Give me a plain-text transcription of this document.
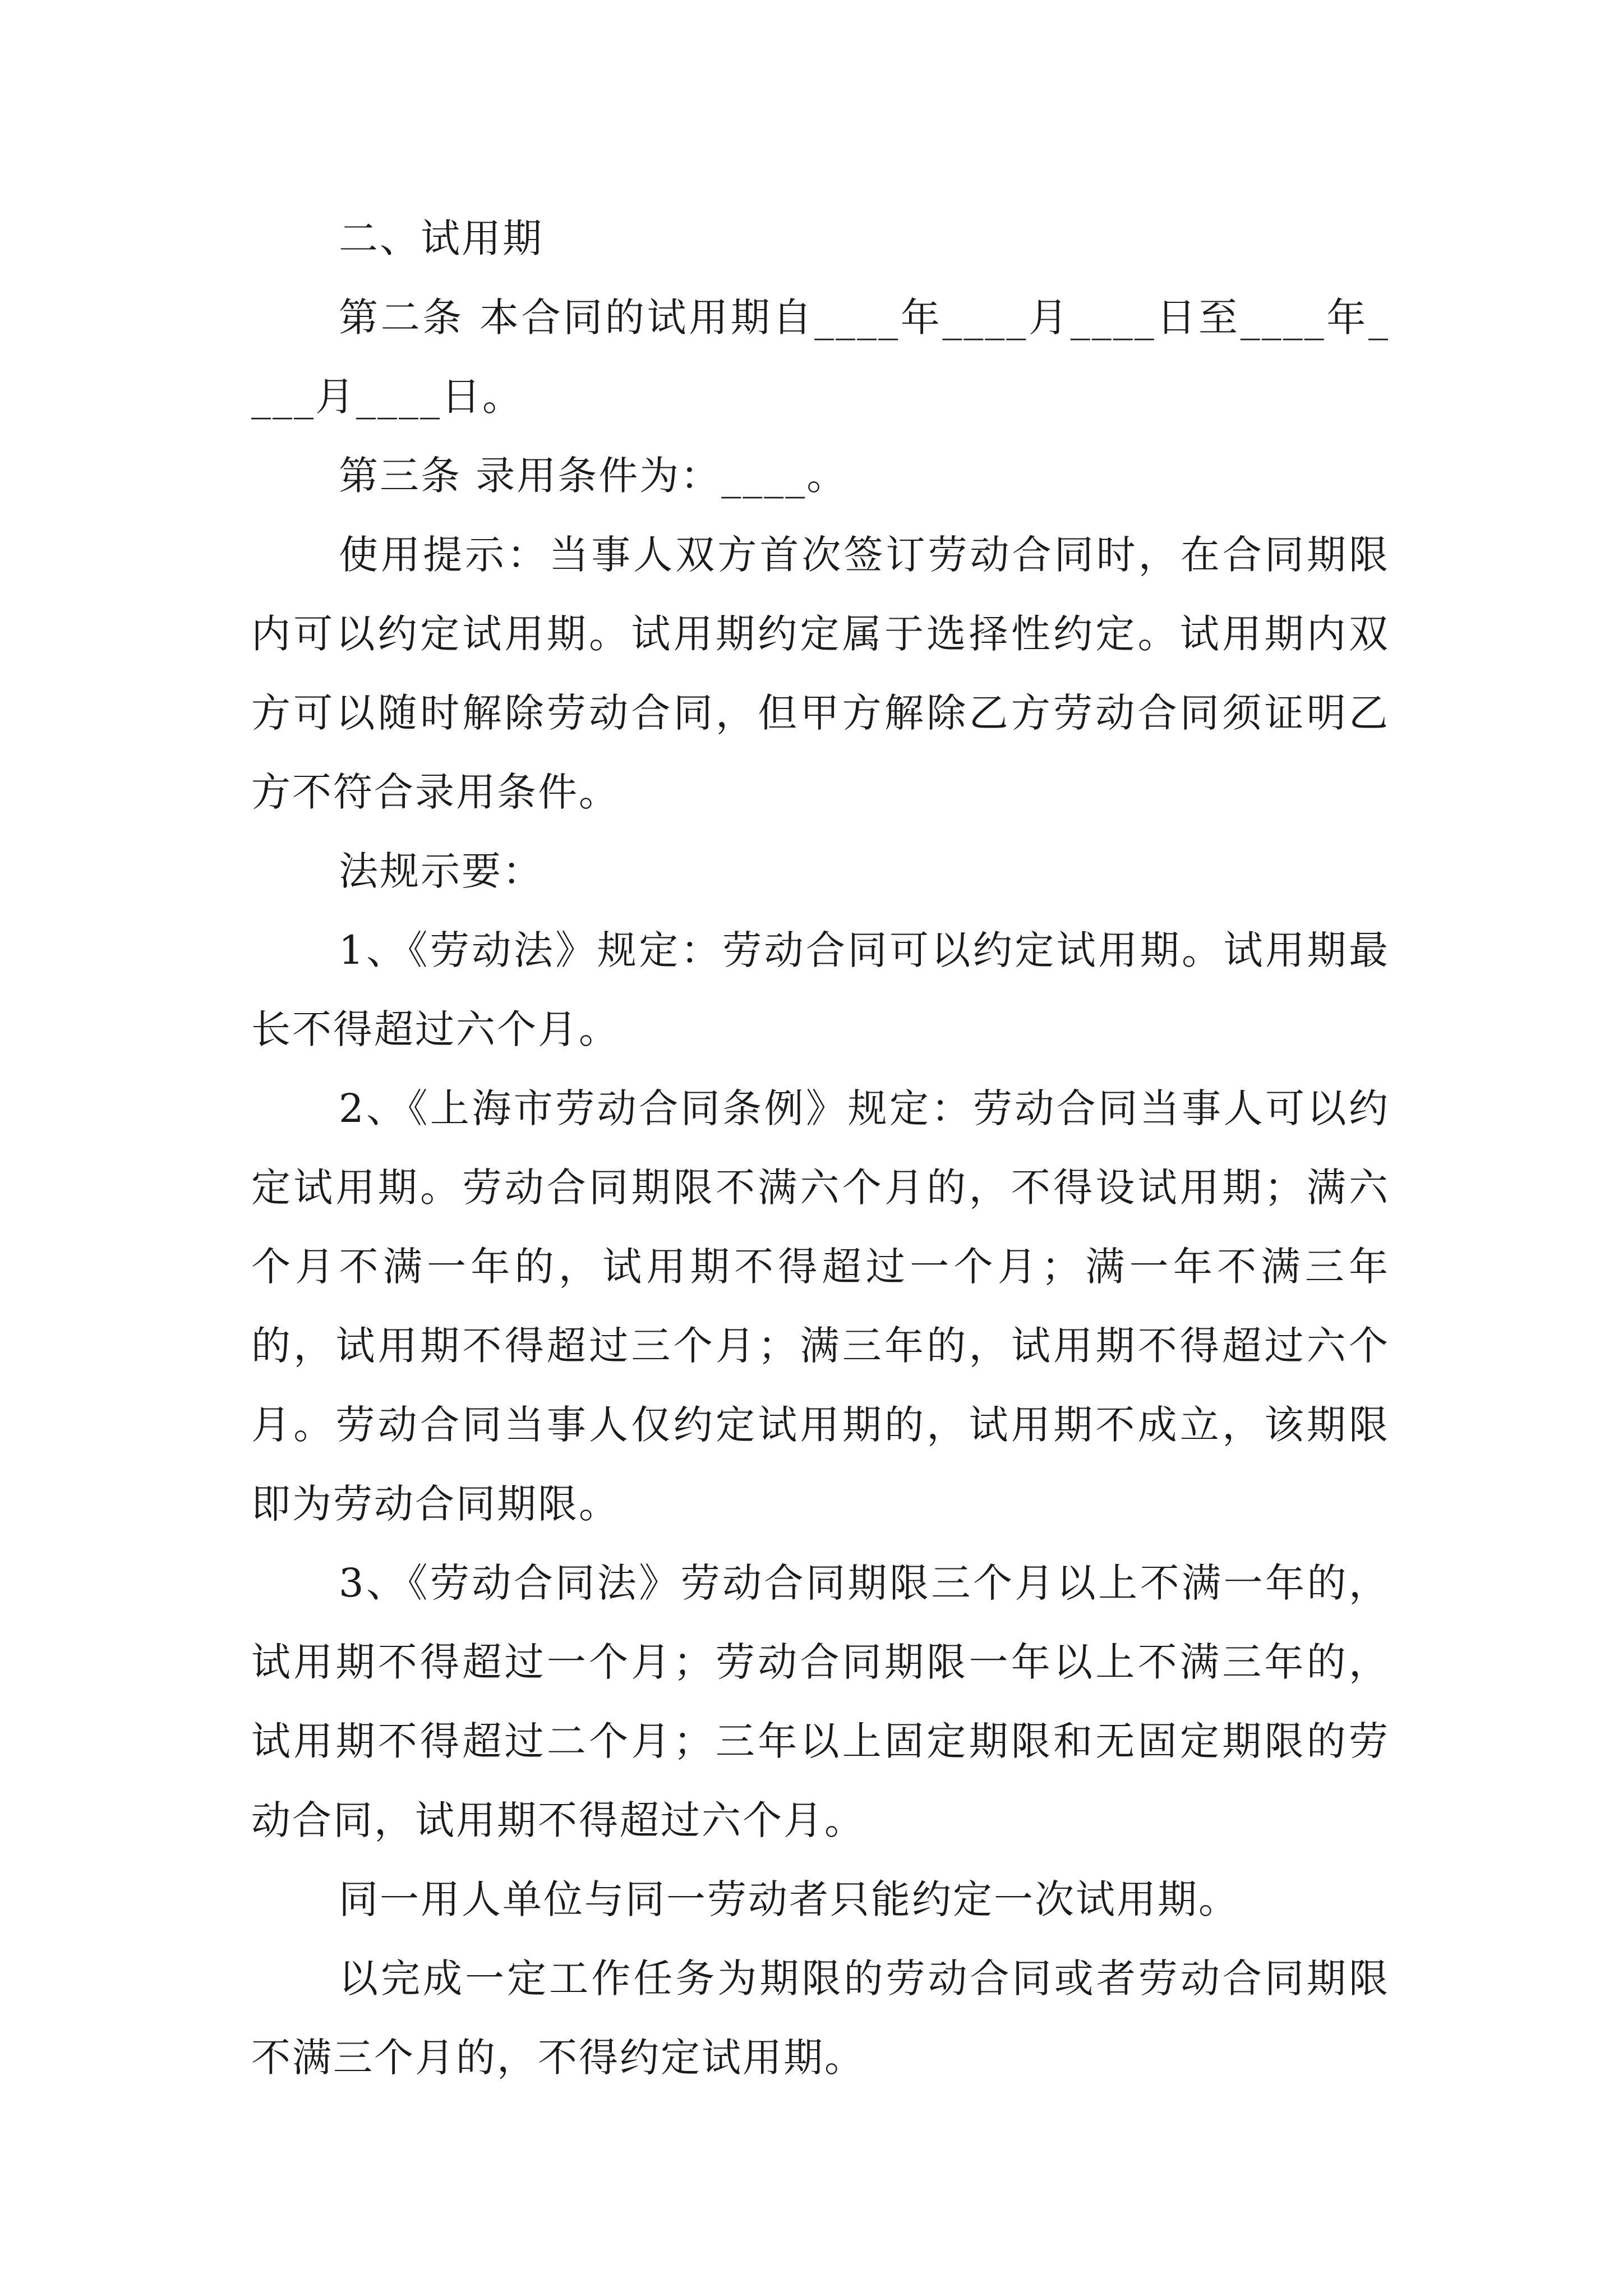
二、试用期

第二条 本合同的试用期自____年____月____日至____年____月____日。

第三条 录用条件为：____。

使用提示：当事人双方首次签订劳动合同时，在合同期限内可以约定试用期。试用期约定属于选择性约定。试用期内双方可以随时解除劳动合同，但甲方解除乙方劳动合同须证明乙方不符合录用条件。

法规示要：

1、《劳动法》规定：劳动合同可以约定试用期。试用期最长不得超过六个月。

2、《上海市劳动合同条例》规定：劳动合同当事人可以约定试用期。劳动合同期限不满六个月的，不得设试用期；满六个月不满一年的，试用期不得超过一个月；满一年不满三年的，试用期不得超过三个月；满三年的，试用期不得超过六个月。劳动合同当事人仅约定试用期的，试用期不成立，该期限即为劳动合同期限。

3、《劳动合同法》劳动合同期限三个月以上不满一年的，试用期不得超过一个月；劳动合同期限一年以上不满三年的，试用期不得超过二个月；三年以上固定期限和无固定期限的劳动合同，试用期不得超过六个月。

同一用人单位与同一劳动者只能约定一次试用期。

以完成一定工作任务为期限的劳动合同或者劳动合同期限不满三个月的，不得约定试用期。
